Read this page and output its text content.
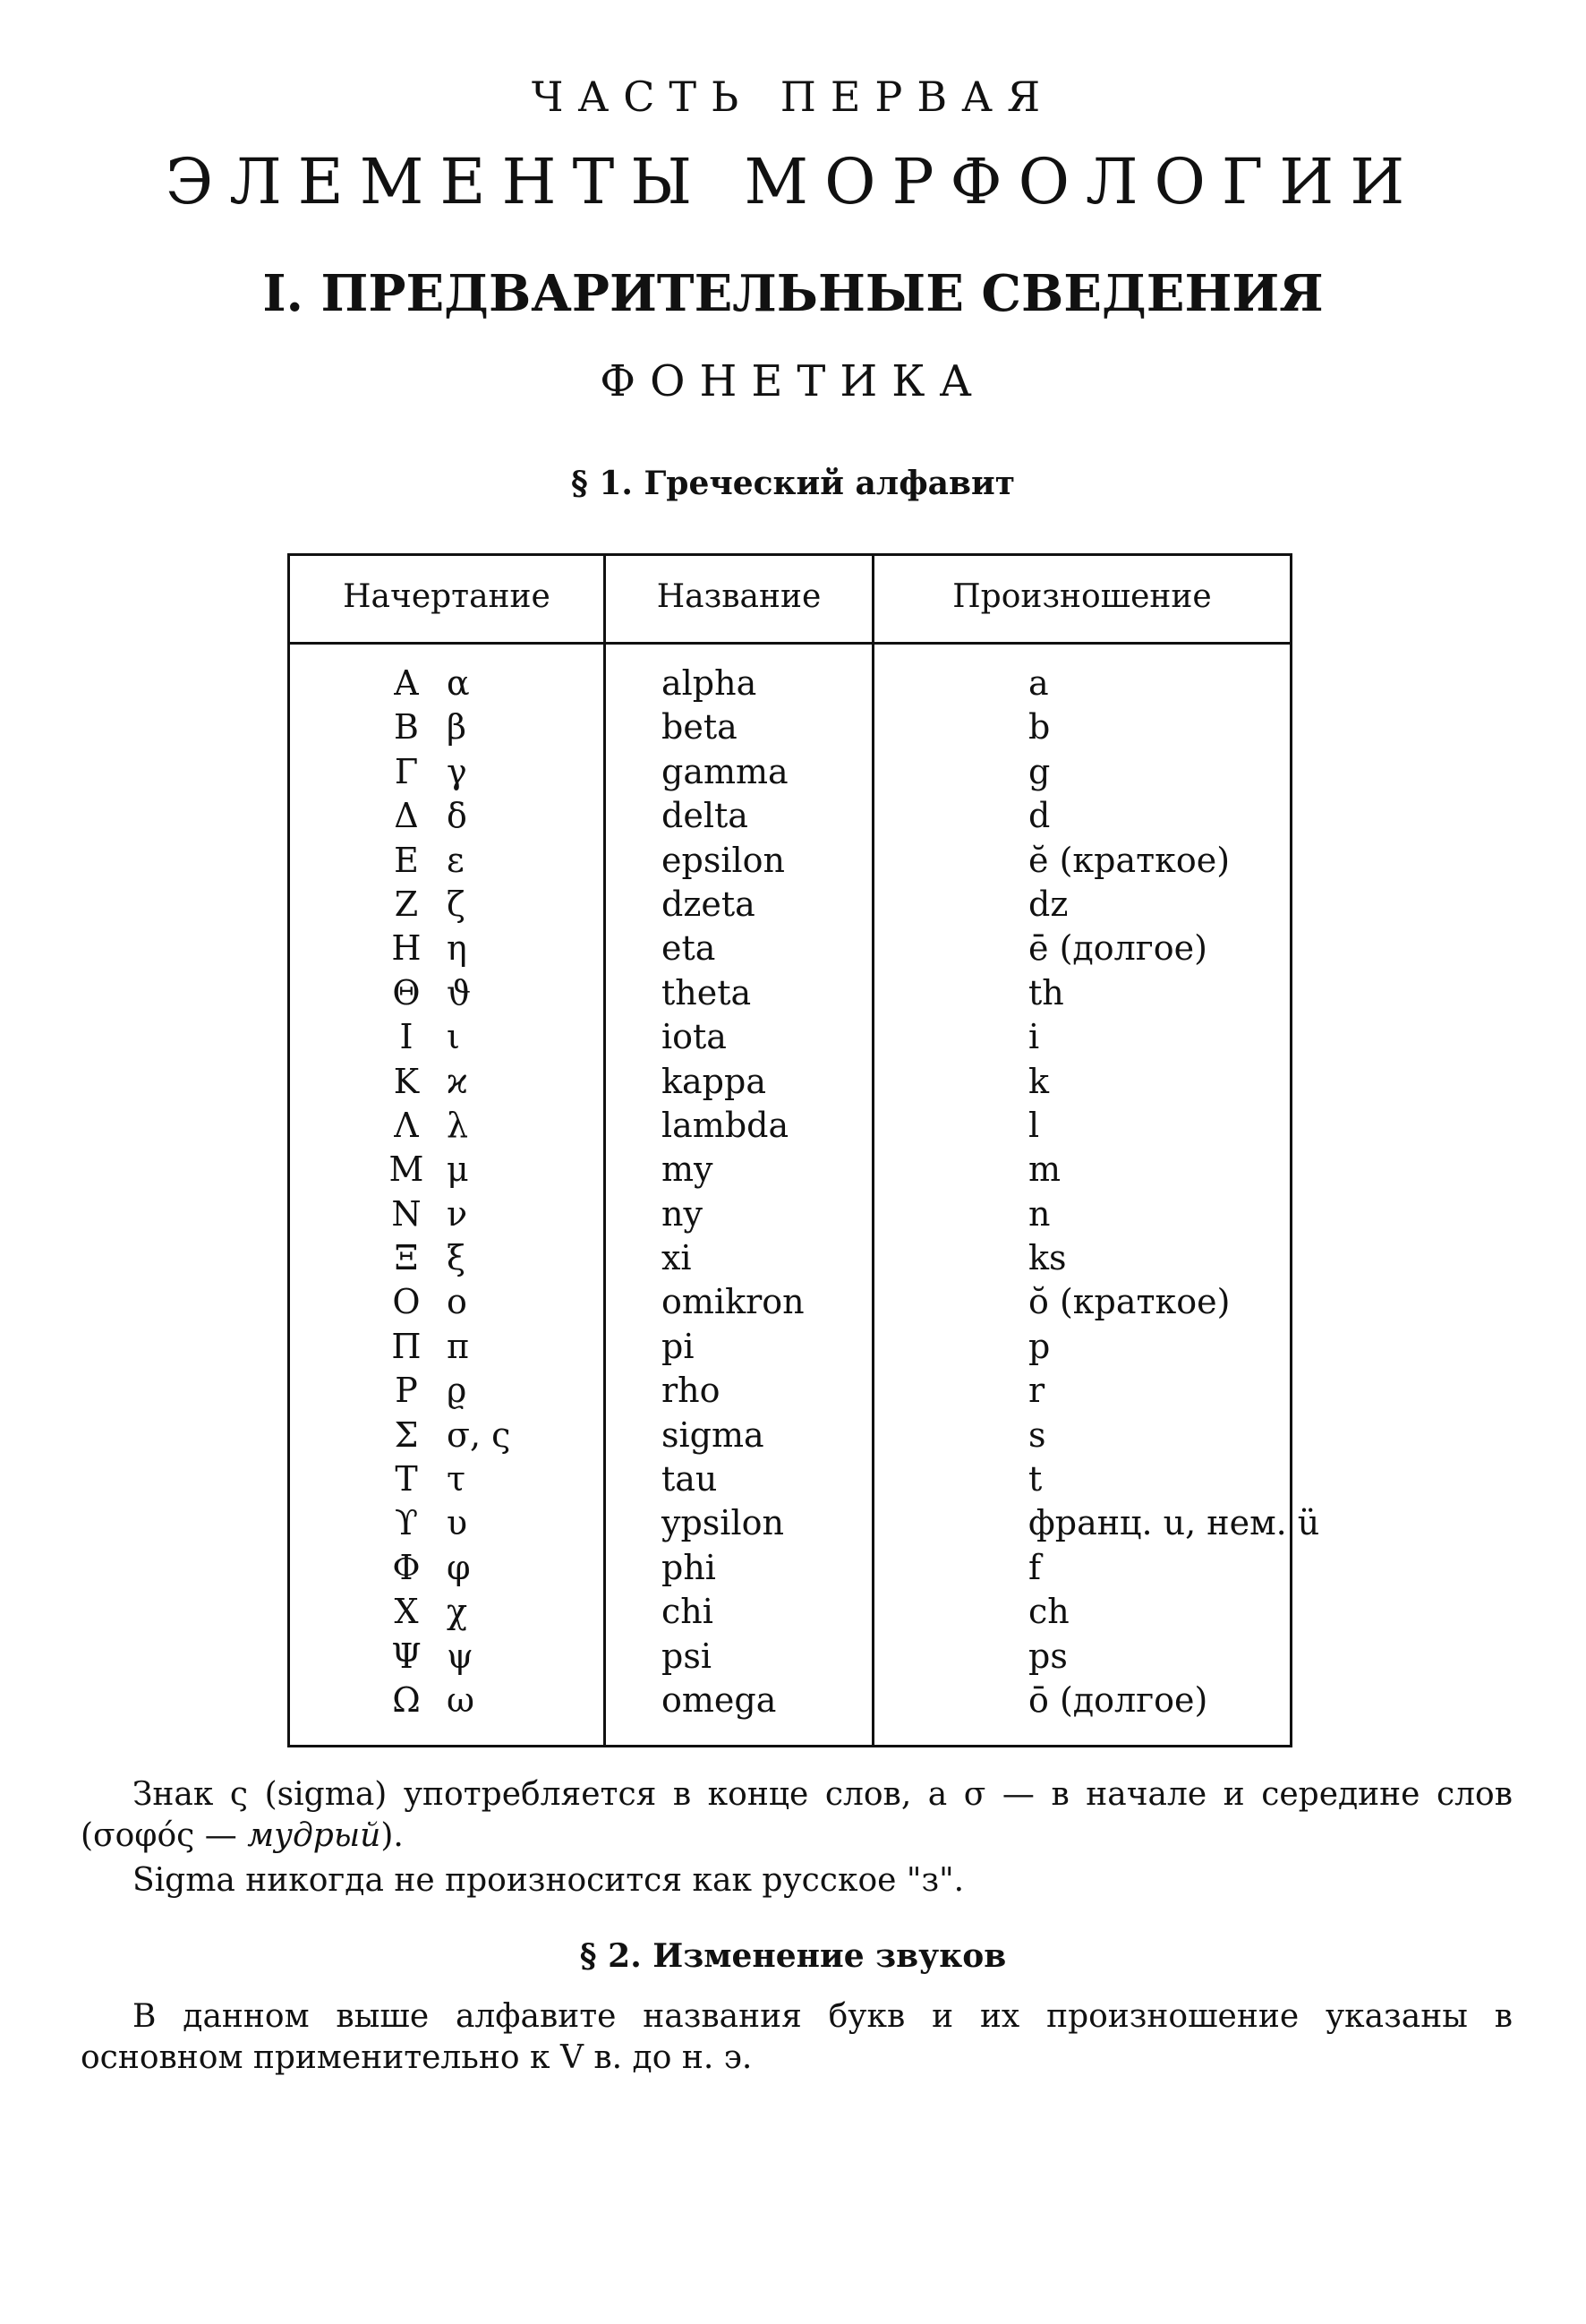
ЧАСТЬ ПЕРВАЯ
ЭЛЕМЕНТЫ МОРФОЛОГИИ
I. ПРЕДВАРИТЕЛЬНЫЕ СВЕДЕНИЯ
ФОНЕТИКА
§ 1. Греческий алфавит
Начертание	Название	Произношение
Α α	alpha	a
Β β	beta	b
Γ γ	gamma	g
Δ δ	delta	d
Ε ε	epsilon	ĕ (краткое)
Ζ ζ	dzeta	dz
Η η	eta	ē (долгое)
Θ ϑ	theta	th
Ι ι	iota	i
Κ ϰ	kappa	k
Λ λ	lambda	l
Μ μ	my	m
Ν ν	ny	n
Ξ ξ	xi	ks
Ο ο	omikron	ŏ (краткое)
Π π	pi	p
Ρ ϱ	rho	r
Σ σ, ς	sigma	s
Τ τ	tau	t
ϒ υ	ypsilon	франц. u, нем. ü
Φ φ	phi	f
Χ χ	chi	ch
Ψ ψ	psi	ps
Ω ω	omega	ō (долгое)
Знак ς (sigma) употребляется в конце слов, а σ — в начале и середине слов (σοφός — мудрый).
Sigma никогда не произносится как русское "з".
§ 2. Изменение звуков
В данном выше алфавите названия букв и их произношение указаны в основном применительно к V в. до н. э.
